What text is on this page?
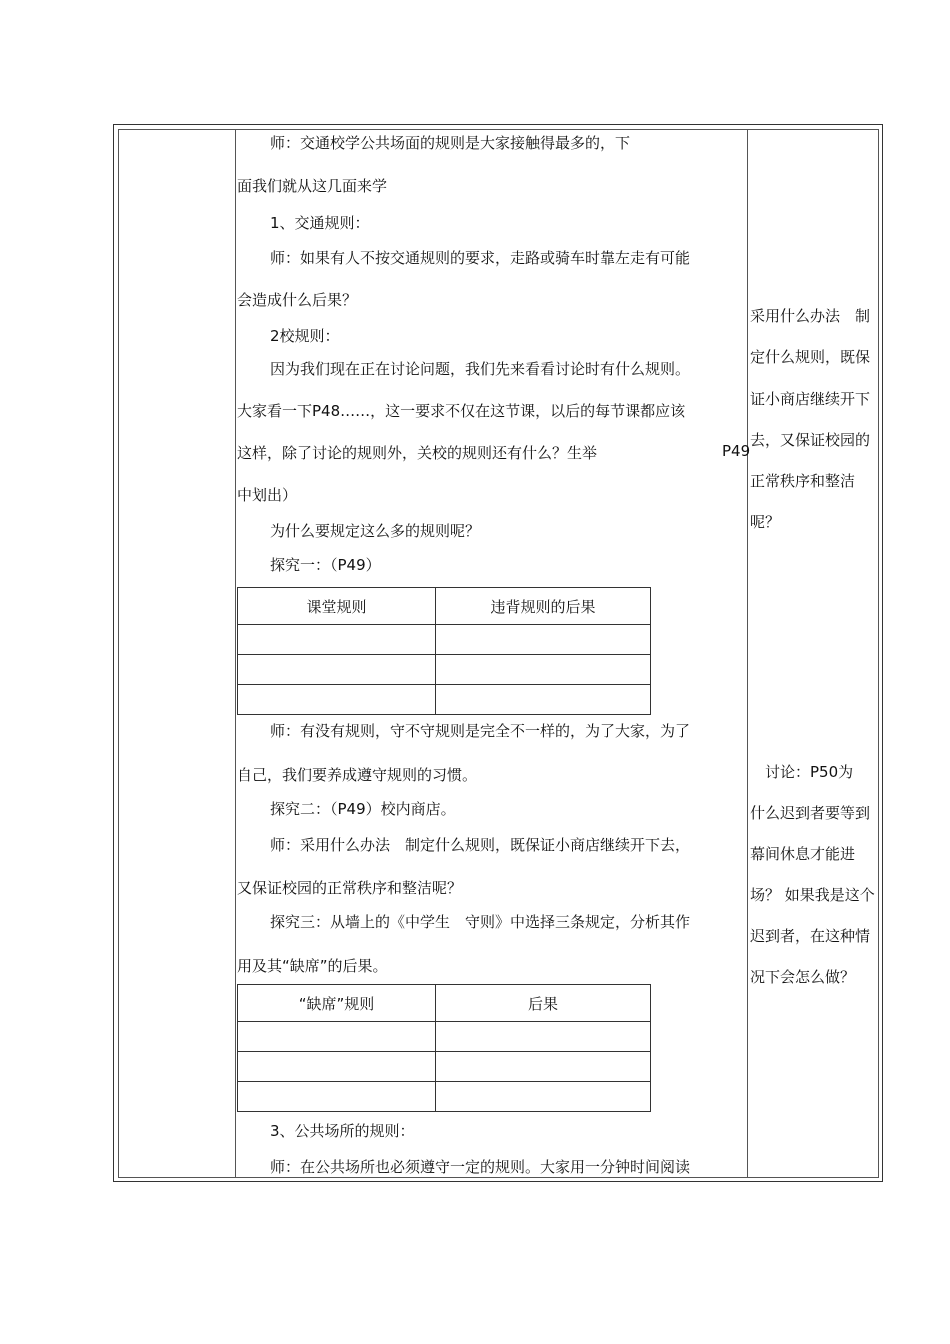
师：交通校学公共场面的规则是大家接触得最多的，下
面我们就从这几面来学
1、交通规则：
师：如果有人不按交通规则的要求，走路或骑车时靠左走有可能
会造成什么后果？
2校规则：
因为我们现在正在讨论问题，我们先来看看讨论时有什么规则。
大家看一下P48……，这一要求不仅在这节课，以后的每节课都应该
这样，除了讨论的规则外，关校的规则还有什么？生举
中划出）
为什么要规定这么多的规则呢？
探究一：（P49）
师：有没有规则，守不守规则是完全不一样的，为了大家，为了
自己，我们要养成遵守规则的习惯。
探究二：（P49）校内商店。
师：采用什么办法　制定什么规则，既保证小商店继续开下去，
又保证校园的正常秩序和整洁呢？
探究三：从墙上的《中学生　守则》中选择三条规定，分析其作
用及其“缺席”的后果。
3、公共场所的规则：
师：在公共场所也必须遵守一定的规则。大家用一分钟时间阅读
P49
课堂规则	违背规则的后果

“缺席”规则	后果

采用什么办法　制
定什么规则，既保
证小商店继续开下
去，又保证校园的
正常秩序和整洁
呢？
　讨论：P50为
什么迟到者要等到
幕间休息才能进
场？ 如果我是这个
迟到者，在这种情
况下会怎么做？
